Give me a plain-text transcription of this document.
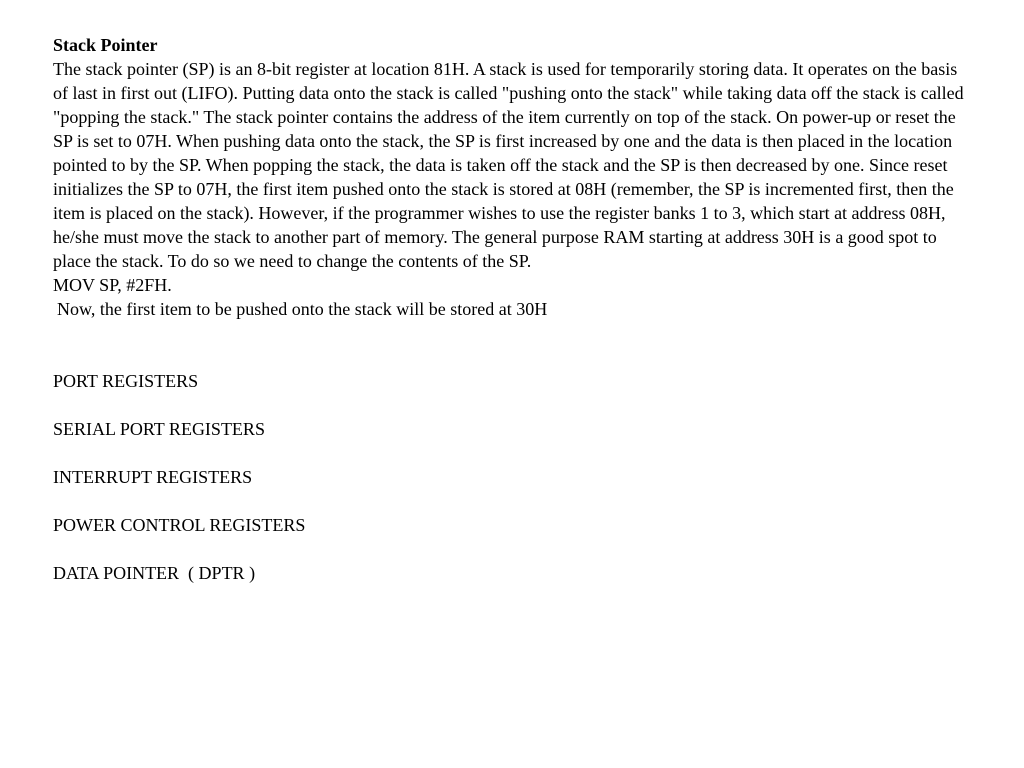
Stack Pointer

The stack pointer (SP) is an 8-bit register at location 81H. A stack is used for temporarily storing data. It operates on the basis of last in first out (LIFO). Putting data onto the stack is called "pushing onto the stack" while taking data off the stack is called "popping the stack." The stack pointer contains the address of the item currently on top of the stack. On power-up or reset the SP is set to 07H. When pushing data onto the stack, the SP is first increased by one and the data is then placed in the location pointed to by the SP. When popping the stack, the data is taken off the stack and the SP is then decreased by one. Since reset initializes the SP to 07H, the first item pushed onto the stack is stored at 08H (remember, the SP is incremented first, then the item is placed on the stack). However, if the programmer wishes to use the register banks 1 to 3, which start at address 08H, he/she must move the stack to another part of memory. The general purpose RAM starting at address 30H is a good spot to place the stack. To do so we need to change the contents of the SP.

MOV SP, #2FH.

Now, the first item to be pushed onto the stack will be stored at 30H

PORT REGISTERS

SERIAL PORT REGISTERS

INTERRUPT REGISTERS

POWER CONTROL REGISTERS

DATA POINTER  ( DPTR )
